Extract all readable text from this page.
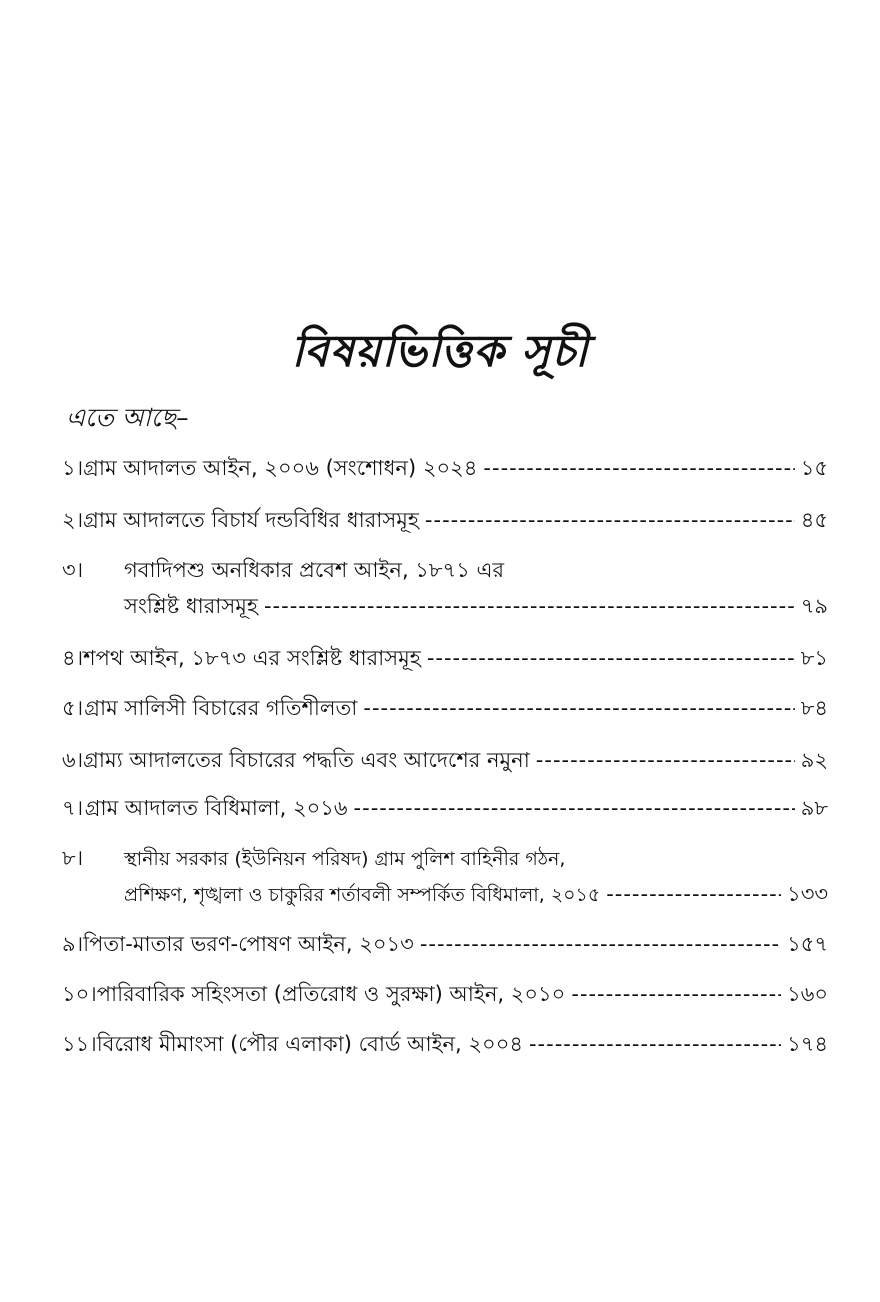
বিষয়ভিত্তিক সূচী
এতে আছে–
১। গ্রাম আদালত আইন, ২০০৬ (সংশোধন) ২০২৪ -----	১৫
২। গ্রাম আদালতে বিচার্য দন্ডবিধির ধারাসমূহ -----	৪৫
৩।	গবাদিপশু অনধিকার প্রবেশ আইন, ১৮৭১ এর
সংশ্লিষ্ট ধারাসমূহ -----	৭৯
৪। শপথ আইন, ১৮৭৩ এর সংশ্লিষ্ট ধারাসমূহ -----	৮১
৫। গ্রাম সালিসী বিচারের গতিশীলতা -----	৮৪
৬। গ্রাম্য আদালতের বিচারের পদ্ধতি এবং আদেশের নমুনা -----	৯২
৭। গ্রাম আদালত বিধিমালা, ২০১৬ -----	৯৮
৮।	স্থানীয় সরকার (ইউনিয়ন পরিষদ) গ্রাম পুলিশ বাহিনীর গঠন,
প্রশিক্ষণ, শৃঙ্খলা ও চাকুরির শর্তাবলী সম্পর্কিত বিধিমালা, ২০১৫ -----	১৩৩
৯। পিতা-মাতার ভরণ-পোষণ আইন, ২০১৩ -----	১৫৭
১০। পারিবারিক সহিংসতা (প্রতিরোধ ও সুরক্ষা) আইন, ২০১০ -----	১৬০
১১। বিরোধ মীমাংসা (পৌর এলাকা) বোর্ড আইন, ২০০৪ -----	১৭৪
